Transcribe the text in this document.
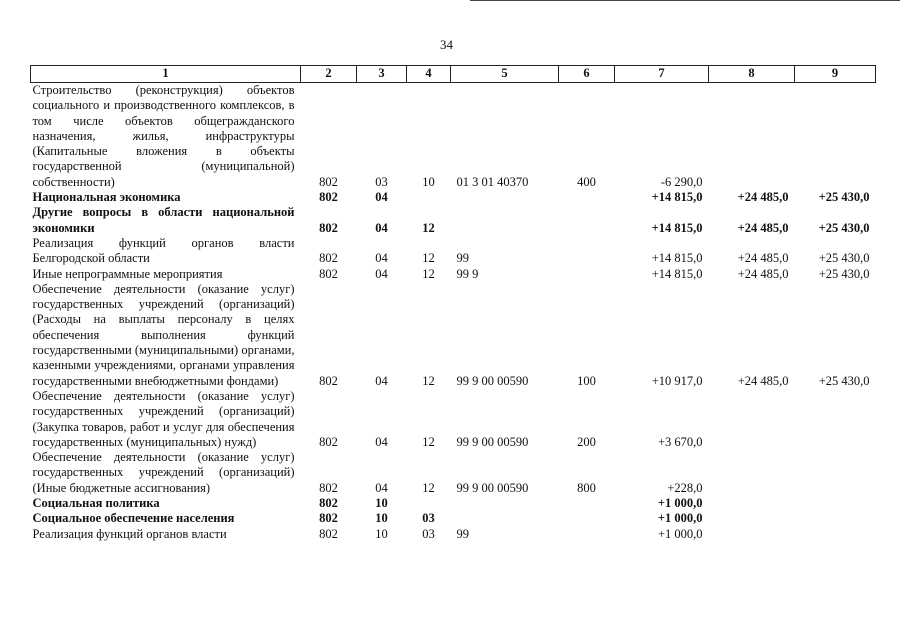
34
1	2	3	4	5	6	7	8	9
Строительство (реконструкция) объектов социального и производственного комплексов, в том числе объектов общегражданского назначения, жилья, инфраструктуры (Капитальные вложения в объекты государственной (муниципальной) собственности)	802	03	10	01 3 01 40370	400	-6 290,0		
Национальная экономика	802	04				+14 815,0	+24 485,0	+25 430,0
Другие вопросы в области национальной экономики	802	04	12			+14 815,0	+24 485,0	+25 430,0
Реализация функций органов власти Белгородской области	802	04	12	99		+14 815,0	+24 485,0	+25 430,0
Иные непрограммные мероприятия	802	04	12	99 9		+14 815,0	+24 485,0	+25 430,0
Обеспечение деятельности (оказание услуг) государственных учреждений (организаций) (Расходы на выплаты персоналу в целях обеспечения выполнения функций государственными (муниципальными) органами, казенными учреждениями, органами управления государственными внебюджетными фондами)	802	04	12	99 9 00 00590	100	+10 917,0	+24 485,0	+25 430,0
Обеспечение деятельности (оказание услуг) государственных учреждений (организаций) (Закупка товаров, работ и услуг для обеспечения государственных (муниципальных) нужд)	802	04	12	99 9 00 00590	200	+3 670,0		
Обеспечение деятельности (оказание услуг) государственных учреждений (организаций) (Иные бюджетные ассигнования)	802	04	12	99 9 00 00590	800	+228,0		
Социальная политика	802	10				+1 000,0		
Социальное обеспечение населения	802	10	03			+1 000,0		
Реализация функций органов власти	802	10	03	99		+1 000,0		
